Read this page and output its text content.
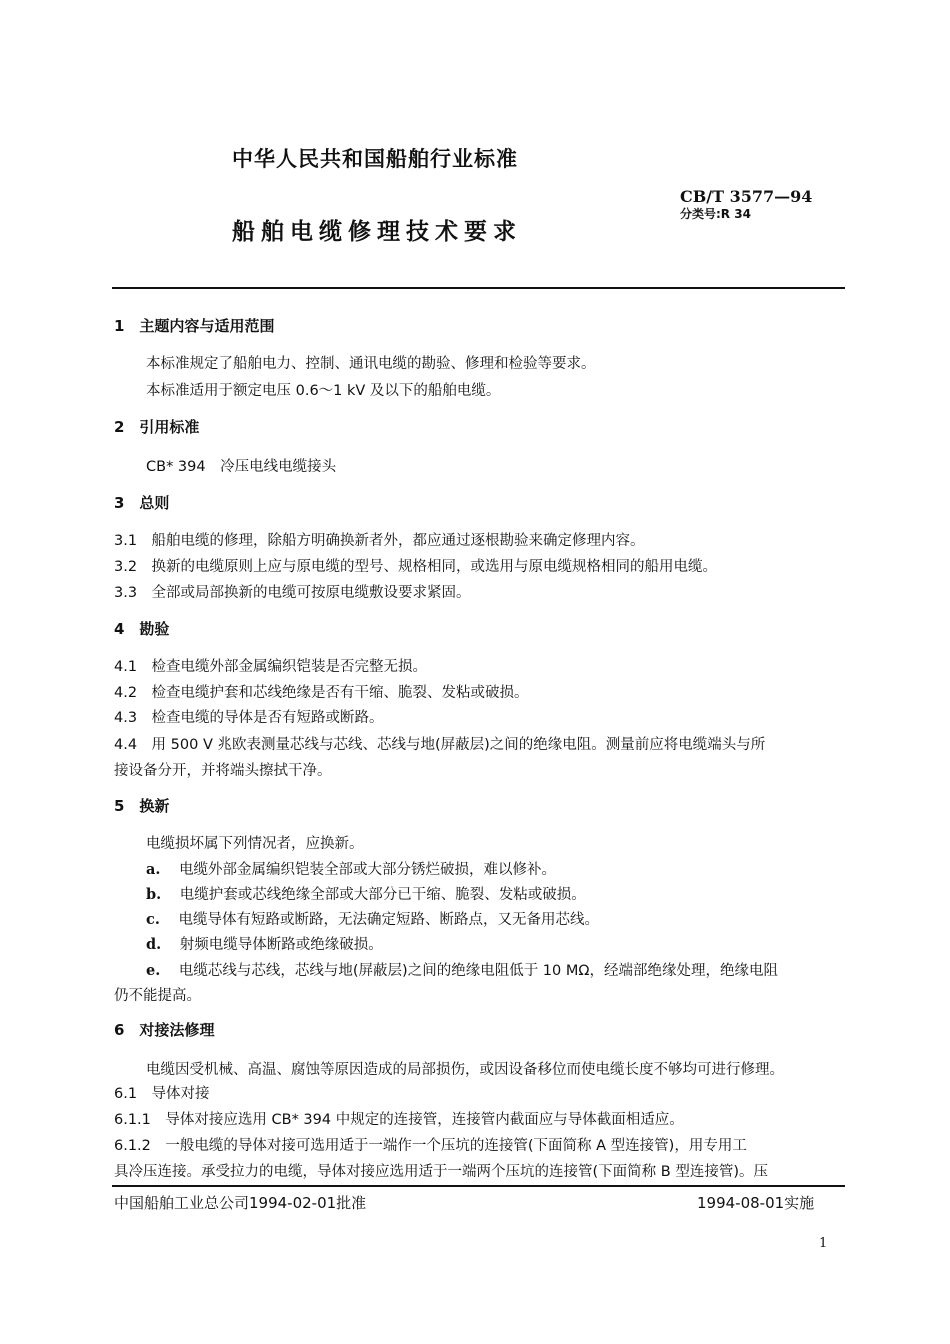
中华人民共和国船舶行业标准
船舶电缆修理技术要求
CB/T 3577—94
分类号:R 34
1　主题内容与适用范围
本标准规定了船舶电力、控制、通讯电缆的勘验、修理和检验等要求。
本标准适用于额定电压 0.6～1 kV 及以下的船舶电缆。
2　引用标准
CB* 394　冷压电线电缆接头
3　总则
3.1　船舶电缆的修理，除船方明确换新者外，都应通过逐根勘验来确定修理内容。
3.2　换新的电缆原则上应与原电缆的型号、规格相同，或选用与原电缆规格相同的船用电缆。
3.3　全部或局部换新的电缆可按原电缆敷设要求紧固。
4　勘验
4.1　检查电缆外部金属编织铠装是否完整无损。
4.2　检查电缆护套和芯线绝缘是否有干缩、脆裂、发粘或破损。
4.3　检查电缆的导体是否有短路或断路。
4.4　用 500 V 兆欧表测量芯线与芯线、芯线与地(屏蔽层)之间的绝缘电阻。测量前应将电缆端头与所
接设备分开，并将端头擦拭干净。
5　换新
电缆损坏属下列情况者，应换新。
a. 电缆外部金属编织铠装全部或大部分锈烂破损，难以修补。
b. 电缆护套或芯线绝缘全部或大部分已干缩、脆裂、发粘或破损。
c. 电缆导体有短路或断路，无法确定短路、断路点，又无备用芯线。
d. 射频电缆导体断路或绝缘破损。
e. 电缆芯线与芯线，芯线与地(屏蔽层)之间的绝缘电阻低于 10 MΩ，经端部绝缘处理，绝缘电阻
仍不能提高。
6　对接法修理
电缆因受机械、高温、腐蚀等原因造成的局部损伤，或因设备移位而使电缆长度不够均可进行修理。
6.1　导体对接
6.1.1　导体对接应选用 CB* 394 中规定的连接管，连接管内截面应与导体截面相适应。
6.1.2　一般电缆的导体对接可选用适于一端作一个压坑的连接管(下面简称 A 型连接管)，用专用工
具冷压连接。承受拉力的电缆，导体对接应选用适于一端两个压坑的连接管(下面简称 B 型连接管)。压
中国船舶工业总公司1994-02-01批准	1994-08-01实施
1
